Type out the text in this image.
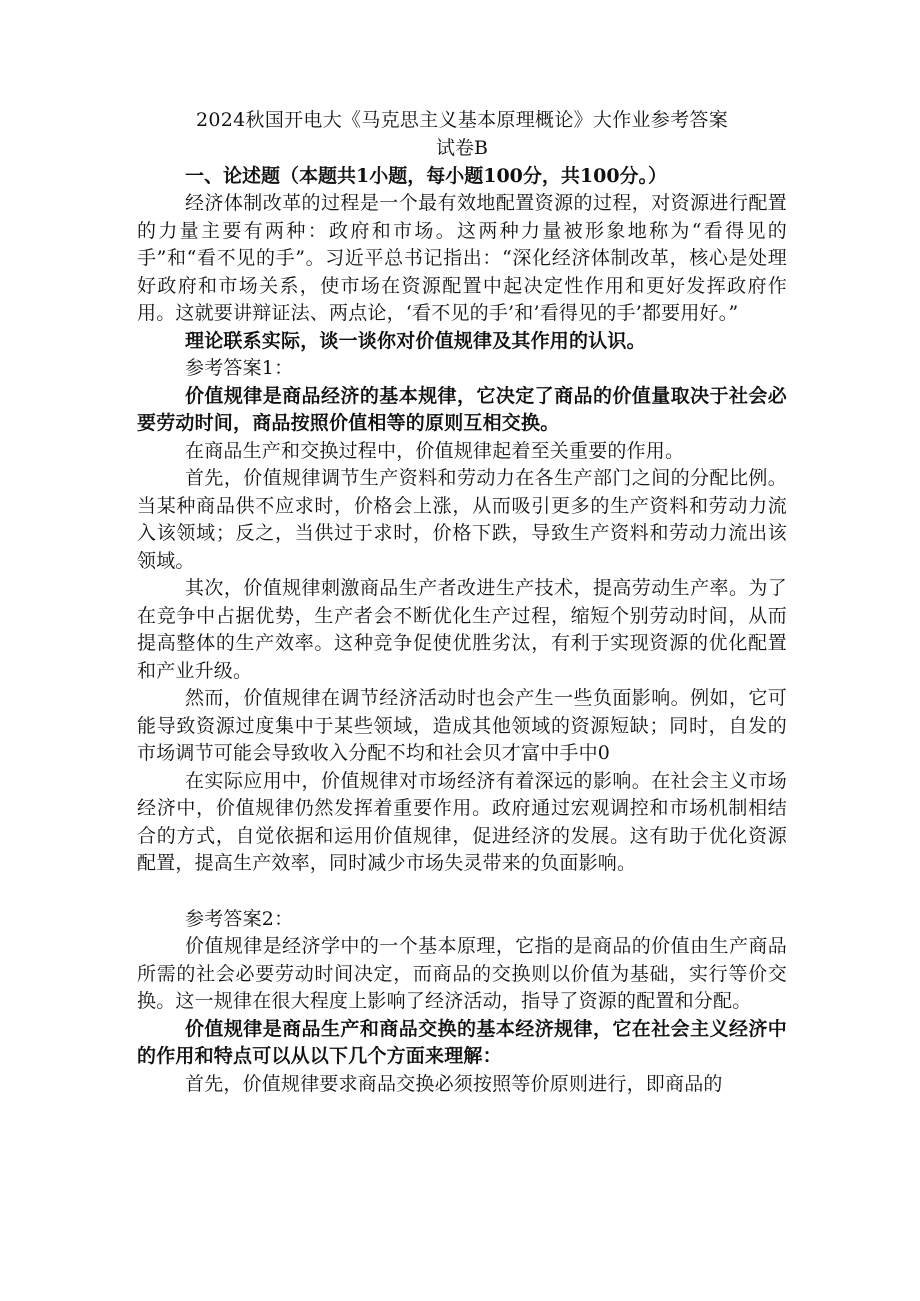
2024秋国开电大《马克思主义基本原理概论》大作业参考答案
试卷B
一、论述题（本题共1小题，每小题100分，共100分。）

经济体制改革的过程是一个最有效地配置资源的过程，对资源进行配置的力量主要有两种：政府和市场。这两种力量被形象地称为“看得见的手”和“看不见的手”。习近平总书记指出：“深化经济体制改革，核心是处理好政府和市场关系，使市场在资源配置中起决定性作用和更好发挥政府作用。这就要讲辩证法、两点论，‘看不见的手’和’看得见的手’都要用好。”

理论联系实际，谈一谈你对价值规律及其作用的认识。

参考答案1：

价值规律是商品经济的基本规律，它决定了商品的价值量取决于社会必要劳动时间，商品按照价值相等的原则互相交换。

在商品生产和交换过程中，价值规律起着至关重要的作用。

首先，价值规律调节生产资料和劳动力在各生产部门之间的分配比例。当某种商品供不应求时，价格会上涨，从而吸引更多的生产资料和劳动力流入该领域；反之，当供过于求时，价格下跌，导致生产资料和劳动力流出该领域。

其次，价值规律刺激商品生产者改进生产技术，提高劳动生产率。为了在竞争中占据优势，生产者会不断优化生产过程，缩短个别劳动时间，从而提高整体的生产效率。这种竞争促使优胜劣汰，有利于实现资源的优化配置和产业升级。

然而，价值规律在调节经济活动时也会产生一些负面影响。例如，它可能导致资源过度集中于某些领域，造成其他领域的资源短缺；同时，自发的市场调节可能会导致收入分配不均和社会贝才富中手中0

在实际应用中，价值规律对市场经济有着深远的影响。在社会主义市场经济中，价值规律仍然发挥着重要作用。政府通过宏观调控和市场机制相结合的方式，自觉依据和运用价值规律，促进经济的发展。这有助于优化资源配置，提高生产效率，同时减少市场失灵带来的负面影响。

参考答案2：

价值规律是经济学中的一个基本原理，它指的是商品的价值由生产商品所需的社会必要劳动时间决定，而商品的交换则以价值为基础，实行等价交换。这一规律在很大程度上影响了经济活动，指导了资源的配置和分配。

价值规律是商品生产和商品交换的基本经济规律，它在社会主义经济中的作用和特点可以从以下几个方面来理解：

首先，价值规律要求商品交换必须按照等价原则进行，即商品的
